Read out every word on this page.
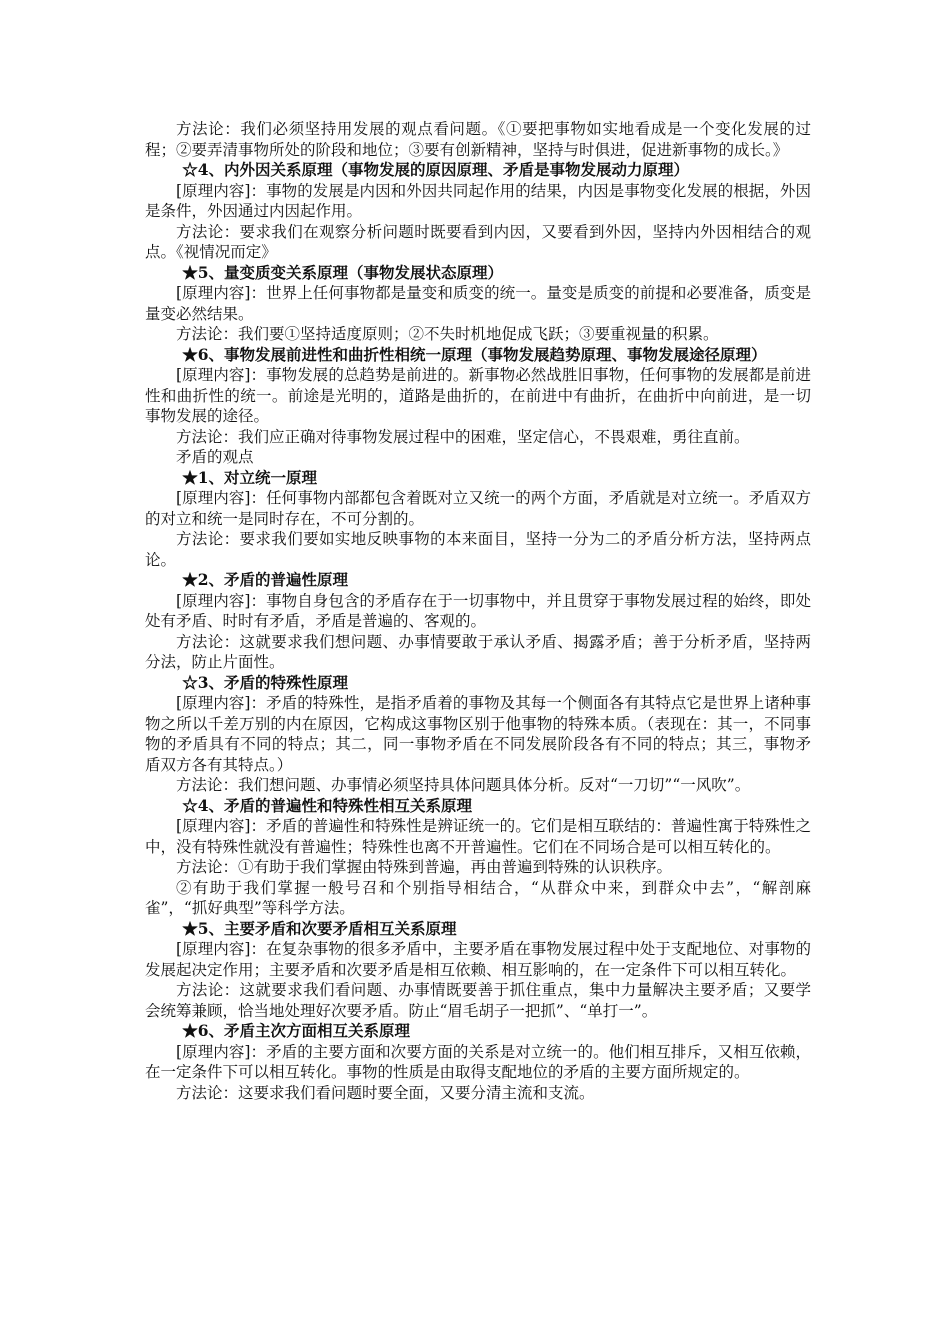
方法论：我们必须坚持用发展的观点看问题。《①要把事物如实地看成是一个变化发展的过程；②要弄清事物所处的阶段和地位；③要有创新精神，坚持与时俱进，促进新事物的成长。》

☆4、内外因关系原理（事物发展的原因原理、矛盾是事物发展动力原理）

[原理内容]：事物的发展是内因和外因共同起作用的结果，内因是事物变化发展的根据，外因是条件，外因通过内因起作用。

方法论：要求我们在观察分析问题时既要看到内因，又要看到外因，坚持内外因相结合的观点。《视情况而定》

★5、量变质变关系原理（事物发展状态原理）

[原理内容]：世界上任何事物都是量变和质变的统一。量变是质变的前提和必要准备，质变是量变必然结果。

方法论：我们要①坚持适度原则；②不失时机地促成飞跃；③要重视量的积累。

★6、事物发展前进性和曲折性相统一原理（事物发展趋势原理、事物发展途径原理）

[原理内容]：事物发展的总趋势是前进的。新事物必然战胜旧事物，任何事物的发展都是前进性和曲折性的统一。前途是光明的，道路是曲折的，在前进中有曲折，在曲折中向前进，是一切事物发展的途径。

方法论：我们应正确对待事物发展过程中的困难，坚定信心，不畏艰难，勇往直前。

矛盾的观点

★1、对立统一原理

[原理内容]：任何事物内部都包含着既对立又统一的两个方面，矛盾就是对立统一。矛盾双方的对立和统一是同时存在，不可分割的。

方法论：要求我们要如实地反映事物的本来面目，坚持一分为二的矛盾分析方法，坚持两点论。

★2、矛盾的普遍性原理

[原理内容]：事物自身包含的矛盾存在于一切事物中，并且贯穿于事物发展过程的始终，即处处有矛盾、时时有矛盾，矛盾是普遍的、客观的。

方法论：这就要求我们想问题、办事情要敢于承认矛盾、揭露矛盾；善于分析矛盾，坚持两分法，防止片面性。

☆3、矛盾的特殊性原理

[原理内容]：矛盾的特殊性，是指矛盾着的事物及其每一个侧面各有其特点它是世界上诸种事物之所以千差万别的内在原因，它构成这事物区别于他事物的特殊本质。（表现在：其一，不同事物的矛盾具有不同的特点；其二，同一事物矛盾在不同发展阶段各有不同的特点；其三，事物矛盾双方各有其特点。）

方法论：我们想问题、办事情必须坚持具体问题具体分析。反对“一刀切”“一风吹”。

☆4、矛盾的普遍性和特殊性相互关系原理

[原理内容]：矛盾的普遍性和特殊性是辨证统一的。它们是相互联结的：普遍性寓于特殊性之中，没有特殊性就没有普遍性；特殊性也离不开普遍性。它们在不同场合是可以相互转化的。

方法论：①有助于我们掌握由特殊到普遍，再由普遍到特殊的认识秩序。

②有助于我们掌握一般号召和个别指导相结合，“从群众中来，到群众中去”，“解剖麻雀”，“抓好典型”等科学方法。

★5、主要矛盾和次要矛盾相互关系原理

[原理内容]：在复杂事物的很多矛盾中，主要矛盾在事物发展过程中处于支配地位、对事物的发展起决定作用；主要矛盾和次要矛盾是相互依赖、相互影响的，在一定条件下可以相互转化。

方法论：这就要求我们看问题、办事情既要善于抓住重点，集中力量解决主要矛盾；又要学会统筹兼顾，恰当地处理好次要矛盾。防止“眉毛胡子一把抓”、“单打一”。

★6、矛盾主次方面相互关系原理

[原理内容]：矛盾的主要方面和次要方面的关系是对立统一的。他们相互排斥，又相互依赖，在一定条件下可以相互转化。事物的性质是由取得支配地位的矛盾的主要方面所规定的。

方法论：这要求我们看问题时要全面，又要分清主流和支流。
